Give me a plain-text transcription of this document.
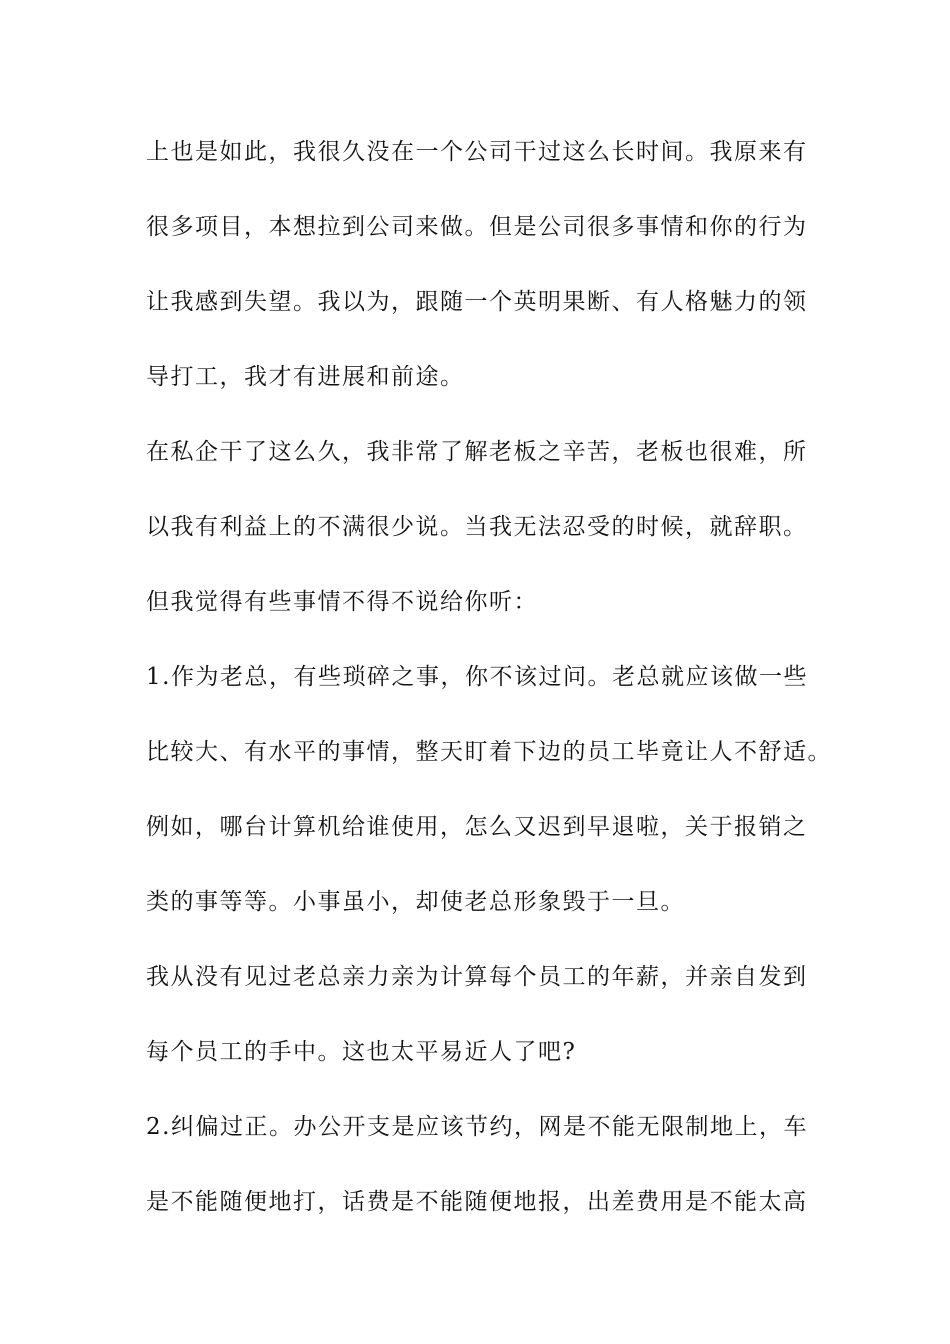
上也是如此，我很久没在一个公司干过这么长时间。我原来有

很多项目，本想拉到公司来做。但是公司很多事情和你的行为

让我感到失望。我以为，跟随一个英明果断、有人格魅力的领

导打工，我才有进展和前途。

在私企干了这么久，我非常了解老板之辛苦，老板也很难，所

以我有利益上的不满很少说。当我无法忍受的时候，就辞职。

但我觉得有些事情不得不说给你听：

1.作为老总，有些琐碎之事，你不该过问。老总就应该做一些

比较大、有水平的事情，整天盯着下边的员工毕竟让人不舒适。

例如，哪台计算机给谁使用，怎么又迟到早退啦，关于报销之

类的事等等。小事虽小，却使老总形象毁于一旦。

我从没有见过老总亲力亲为计算每个员工的年薪，并亲自发到

每个员工的手中。这也太平易近人了吧?

2.纠偏过正。办公开支是应该节约，网是不能无限制地上，车

是不能随便地打，话费是不能随便地报，出差费用是不能太高
